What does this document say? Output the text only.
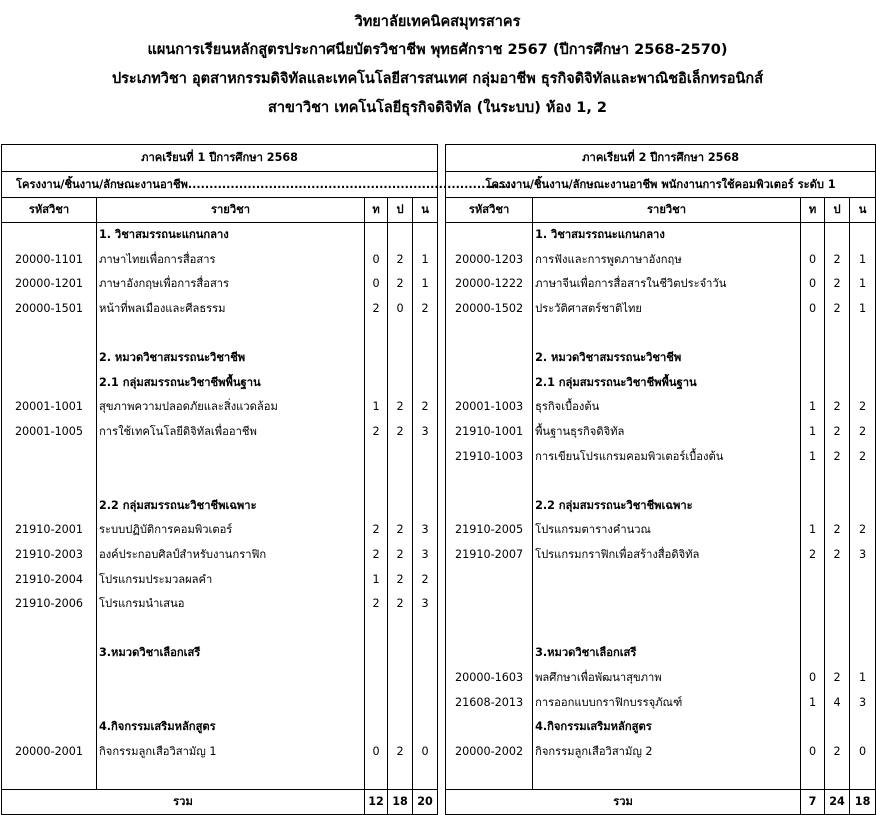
วิทยาลัยเทคนิคสมุทรสาคร
แผนการเรียนหลักสูตรประกาศนียบัตรวิชาชีพ พุทธศักราช 2567 (ปีการศึกษา 2568-2570)
ประเภทวิชา อุตสาหกรรมดิจิทัลและเทคโนโลยีสารสนเทศ กลุ่มอาชีพ ธุรกิจดิจิทัลและพาณิชอิเล็กทรอนิกส์
สาขาวิชา เทคโนโลยีธุรกิจดิจิทัล (ในระบบ) ห้อง 1, 2
ภาคเรียนที่ 1 ปีการศึกษา 2568						ภาคเรียนที่ 2 ปีการศึกษา 2568				
โครงงาน/ชิ้นงาน/ลักษณะงานอาชีพ.............................................................................						โครงงาน/ชิ้นงาน/ลักษณะงานอาชีพ พนักงานการใช้คอมพิวเตอร์ ระดับ 1				
รหัสวิชา	รายวิชา	ท	ป	น		รหัสวิชา	รายวิชา	ท	ป	น
	1. วิชาสมรรถนะแกนกลาง						1. วิชาสมรรถนะแกนกลาง			
20000-1101	ภาษาไทยเพื่อการสื่อสาร	0	2	1		20000-1203	การฟังและการพูดภาษาอังกฤษ	0	2	1
20000-1201	ภาษาอังกฤษเพื่อการสื่อสาร	0	2	1		20000-1222	ภาษาจีนเพื่อการสื่อสารในชีวิตประจำวัน	0	2	1
20000-1501	หน้าที่พลเมืองและศีลธรรม	2	0	2		20000-1502	ประวัติศาสตร์ชาติไทย	0	2	1

	2. หมวดวิชาสมรรถนะวิชาชีพ						2. หมวดวิชาสมรรถนะวิชาชีพ			
	2.1 กลุ่มสมรรถนะวิชาชีพพื้นฐาน						2.1 กลุ่มสมรรถนะวิชาชีพพื้นฐาน			
20001-1001	สุขภาพความปลอดภัยและสิ่งแวดล้อม	1	2	2		20001-1003	ธุรกิจเบื้องต้น	1	2	2
20001-1005	การใช้เทคโนโลยีดิจิทัลเพื่ออาชีพ	2	2	3		21910-1001	พื้นฐานธุรกิจดิจิทัล	1	2	2
						21910-1003	การเขียนโปรแกรมคอมพิวเตอร์เบื้องต้น	1	2	2

	2.2 กลุ่มสมรรถนะวิชาชีพเฉพาะ						2.2 กลุ่มสมรรถนะวิชาชีพเฉพาะ			
21910-2001	ระบบปฏิบัติการคอมพิวเตอร์	2	2	3		21910-2005	โปรแกรมตารางคำนวณ	1	2	2
21910-2003	องค์ประกอบศิลป์สำหรับงานกราฟิก	2	2	3		21910-2007	โปรแกรมกราฟิกเพื่อสร้างสื่อดิจิทัล	2	2	3
21910-2004	โปรแกรมประมวลผลคำ	1	2	2						
21910-2006	โปรแกรมนำเสนอ	2	2	3						

	3.หมวดวิชาเลือกเสรี						3.หมวดวิชาเลือกเสรี			
						20000-1603	พลศึกษาเพื่อพัฒนาสุขภาพ	0	2	1
						21608-2013	การออกแบบกราฟิกบรรจุภัณฑ์	1	4	3
	4.กิจกรรมเสริมหลักสูตร						4.กิจกรรมเสริมหลักสูตร			
20000-2001	กิจกรรมลูกเสือวิสามัญ 1	0	2	0		20000-2002	กิจกรรมลูกเสือวิสามัญ 2	0	2	0

รวม		12	18	20		รวม		7	24	18
